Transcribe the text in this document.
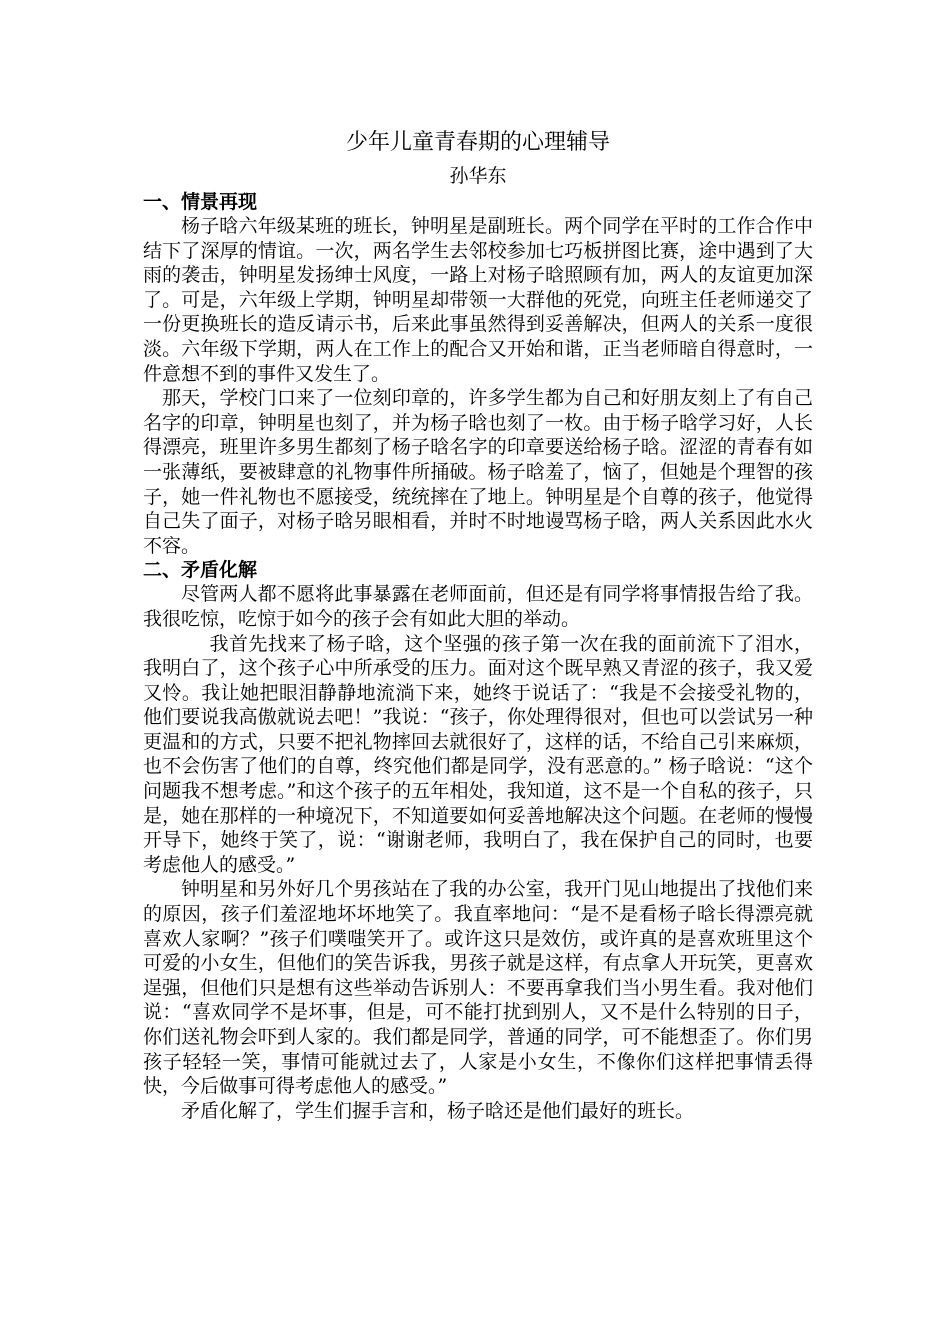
少年儿童青春期的心理辅导
孙华东
一、情景再现

杨子晗六年级某班的班长，钟明星是副班长。两个同学在平时的工作合作中结下了深厚的情谊。一次，两名学生去邻校参加七巧板拼图比赛，途中遇到了大雨的袭击，钟明星发扬绅士风度，一路上对杨子晗照顾有加，两人的友谊更加深了。可是，六年级上学期，钟明星却带领一大群他的死党，向班主任老师递交了一份更换班长的造反请示书，后来此事虽然得到妥善解决，但两人的关系一度很淡。六年级下学期，两人在工作上的配合又开始和谐，正当老师暗自得意时，一件意想不到的事件又发生了。

那天，学校门口来了一位刻印章的，许多学生都为自己和好朋友刻上了有自己名字的印章，钟明星也刻了，并为杨子晗也刻了一枚。由于杨子晗学习好，人长得漂亮，班里许多男生都刻了杨子晗名字的印章要送给杨子晗。涩涩的青春有如一张薄纸，要被肆意的礼物事件所捅破。杨子晗羞了，恼了，但她是个理智的孩子，她一件礼物也不愿接受，统统摔在了地上。钟明星是个自尊的孩子，他觉得自己失了面子，对杨子晗另眼相看，并时不时地谩骂杨子晗，两人关系因此水火不容。

二、矛盾化解

尽管两人都不愿将此事暴露在老师面前，但还是有同学将事情报告给了我。我很吃惊，吃惊于如今的孩子会有如此大胆的举动。

我首先找来了杨子晗，这个坚强的孩子第一次在我的面前流下了泪水，我明白了，这个孩子心中所承受的压力。面对这个既早熟又青涩的孩子，我又爱又怜。我让她把眼泪静静地流淌下来，她终于说话了：“我是不会接受礼物的，他们要说我高傲就说去吧！”我说：“孩子，你处理得很对，但也可以尝试另一种更温和的方式，只要不把礼物摔回去就很好了，这样的话，不给自己引来麻烦，也不会伤害了他们的自尊，终究他们都是同学，没有恶意的。” 杨子晗说：“这个问题我不想考虑。”和这个孩子的五年相处，我知道，这不是一个自私的孩子，只是，她在那样的一种境况下，不知道要如何妥善地解决这个问题。在老师的慢慢开导下，她终于笑了，说：“谢谢老师，我明白了，我在保护自己的同时，也要考虑他人的感受。”

钟明星和另外好几个男孩站在了我的办公室，我开门见山地提出了找他们来的原因，孩子们羞涩地坏坏地笑了。我直率地问：“是不是看杨子晗长得漂亮就喜欢人家啊？”孩子们噗嗤笑开了。或许这只是效仿，或许真的是喜欢班里这个可爱的小女生，但他们的笑告诉我，男孩子就是这样，有点拿人开玩笑，更喜欢逞强，但他们只是想有这些举动告诉别人：不要再拿我们当小男生看。我对他们说：“喜欢同学不是坏事，但是，可不能打扰到别人，又不是什么特别的日子，你们送礼物会吓到人家的。我们都是同学，普通的同学，可不能想歪了。你们男孩子轻轻一笑，事情可能就过去了，人家是小女生，不像你们这样把事情丢得快，今后做事可得考虑他人的感受。”

矛盾化解了，学生们握手言和，杨子晗还是他们最好的班长。
